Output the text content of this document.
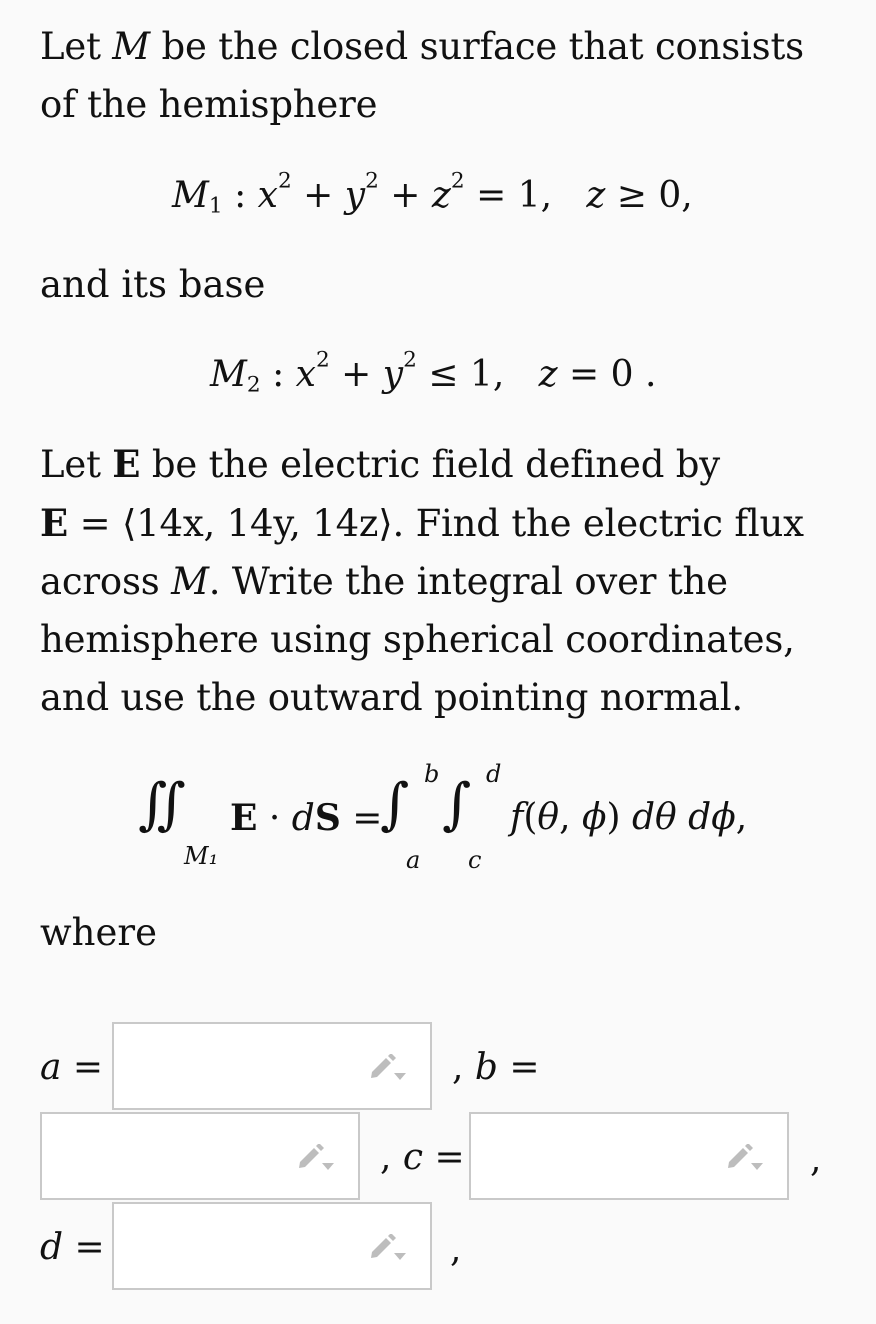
Let M be the closed surface that consists of the hemisphere

$M_1$ : $x^2 + y^2 + z^2 = 1$,   z ≥ 0,
and its base
$M_2$ : $x^2 + y^2 \le 1$,   z = 0 .

Let E be the electric field defined by
E = ⟨14x, 14y, 14z⟩. Find the electric flux across M. Write the integral over the hemisphere using spherical coordinates, and use the outward pointing normal.

∬
M₁
E · dS =
∫ b
a
∫ d
c
f(θ, ϕ) dθ dϕ,
where
a =	, b =
, c =	,
d =	,
